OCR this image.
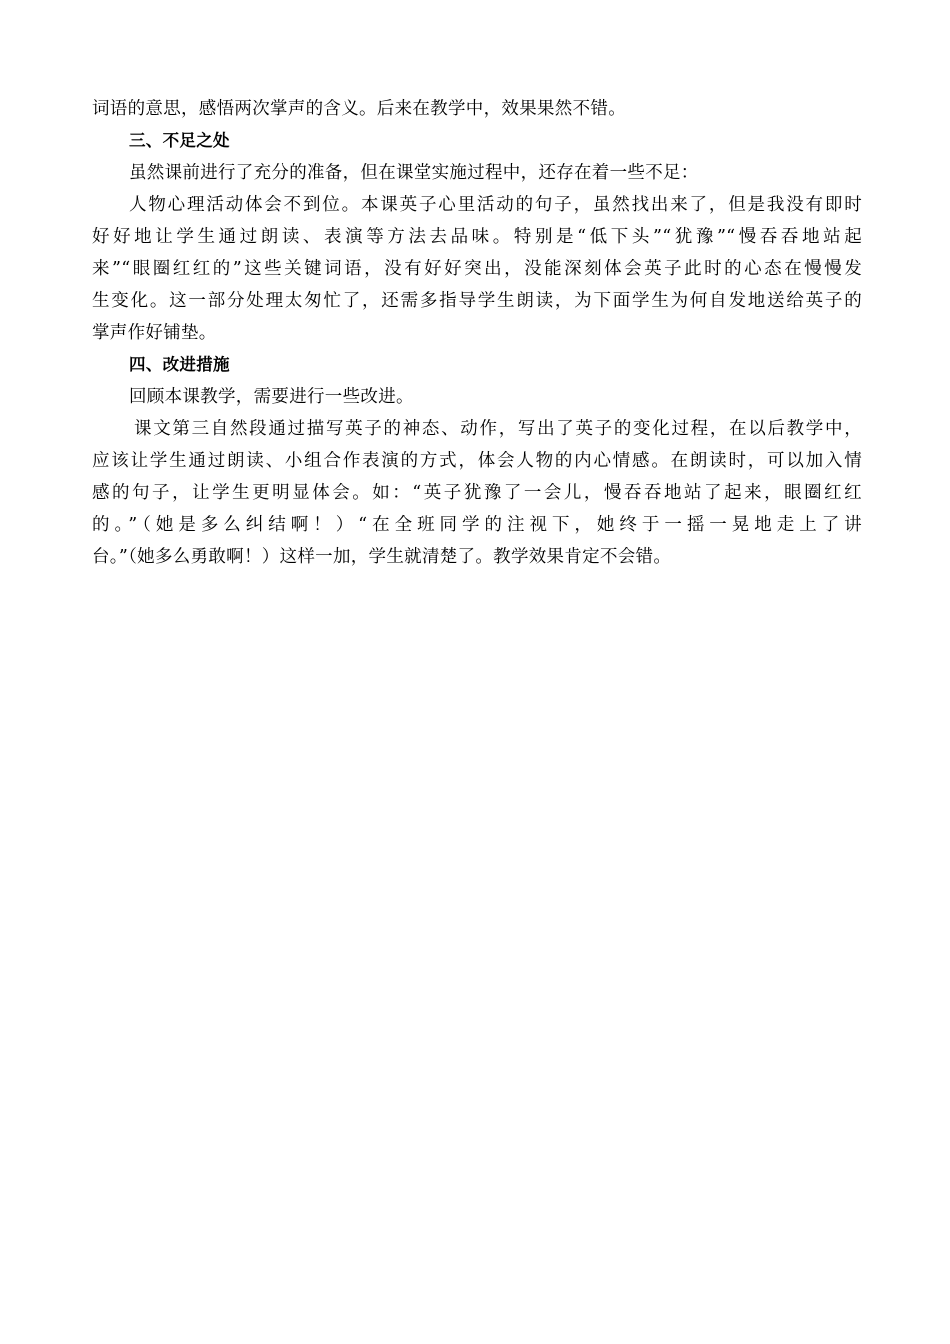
词语的意思，感悟两次掌声的含义。后来在教学中，效果果然不错。
三、不足之处
虽然课前进行了充分的准备，但在课堂实施过程中，还存在着一些不足：
人物心理活动体会不到位。本课英子心里活动的句子，虽然找出来了，但是我没有即时
好好地让学生通过朗读、表演等方法去品味。特别是“低下头”“犹豫”“慢吞吞地站起
来”“眼圈红红的”这些关键词语，没有好好突出，没能深刻体会英子此时的心态在慢慢发
生变化。这一部分处理太匆忙了，还需多指导学生朗读，为下面学生为何自发地送给英子的
掌声作好铺垫。
四、改进措施
回顾本课教学，需要进行一些改进。
课文第三自然段通过描写英子的神态、动作，写出了英子的变化过程，在以后教学中，
应该让学生通过朗读、小组合作表演的方式，体会人物的内心情感。在朗读时，可以加入情
感的句子，让学生更明显体会。如：“英子犹豫了一会儿，慢吞吞地站了起来，眼圈红红
的。”（她是多么纠结啊！）“在全班同学的注视下，她终于一摇一晃地走上了讲
台。”（她多么勇敢啊！）这样一加，学生就清楚了。教学效果肯定不会错。
